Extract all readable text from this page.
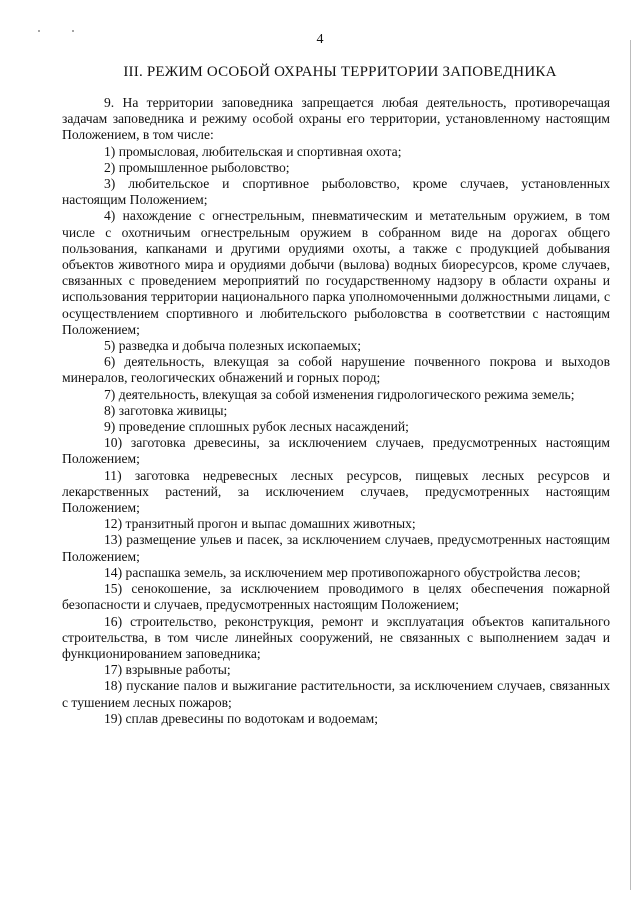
4
III. РЕЖИМ ОСОБОЙ ОХРАНЫ ТЕРРИТОРИИ ЗАПОВЕДНИКА

9. На территории заповедника запрещается любая деятельность, противоречащая задачам заповедника и режиму особой охраны его территории, установленному настоящим Положением, в том числе:

1) промысловая, любительская и спортивная охота;

2) промышленное рыболовство;

3) любительское и спортивное рыболовство, кроме случаев, установленных настоящим Положением;

4) нахождение с огнестрельным, пневматическим и метательным оружием, в том числе с охотничьим огнестрельным оружием в собранном виде на дорогах общего пользования, капканами и другими орудиями охоты, а также с продукцией добывания объектов животного мира и орудиями добычи (вылова) водных биоресурсов, кроме случаев, связанных с проведением мероприятий по государственному надзору в области охраны и использования территории национального парка уполномоченными должностными лицами, с осуществлением спортивного и любительского рыболовства в соответствии с настоящим Положением;

5) разведка и добыча полезных ископаемых;

6) деятельность, влекущая за собой нарушение почвенного покрова и выходов минералов, геологических обнажений и горных пород;

7) деятельность, влекущая за собой изменения гидрологического режима земель;

8) заготовка живицы;

9) проведение сплошных рубок лесных насаждений;

10) заготовка древесины, за исключением случаев, предусмотренных настоящим Положением;

11) заготовка недревесных лесных ресурсов, пищевых лесных ресурсов и лекарственных растений, за исключением случаев, предусмотренных настоящим Положением;

12) транзитный прогон и выпас домашних животных;

13) размещение ульев и пасек, за исключением случаев, предусмотренных настоящим Положением;

14) распашка земель, за исключением мер противопожарного обустройства лесов;

15) сенокошение, за исключением проводимого в целях обеспечения пожарной безопасности и случаев, предусмотренных настоящим Положением;

16) строительство, реконструкция, ремонт и эксплуатация объектов капитального строительства, в том числе линейных сооружений, не связанных с выполнением задач и функционированием заповедника;

17) взрывные работы;

18) пускание палов и выжигание растительности, за исключением случаев, связанных с тушением лесных пожаров;

19) сплав древесины по водотокам и водоемам;
